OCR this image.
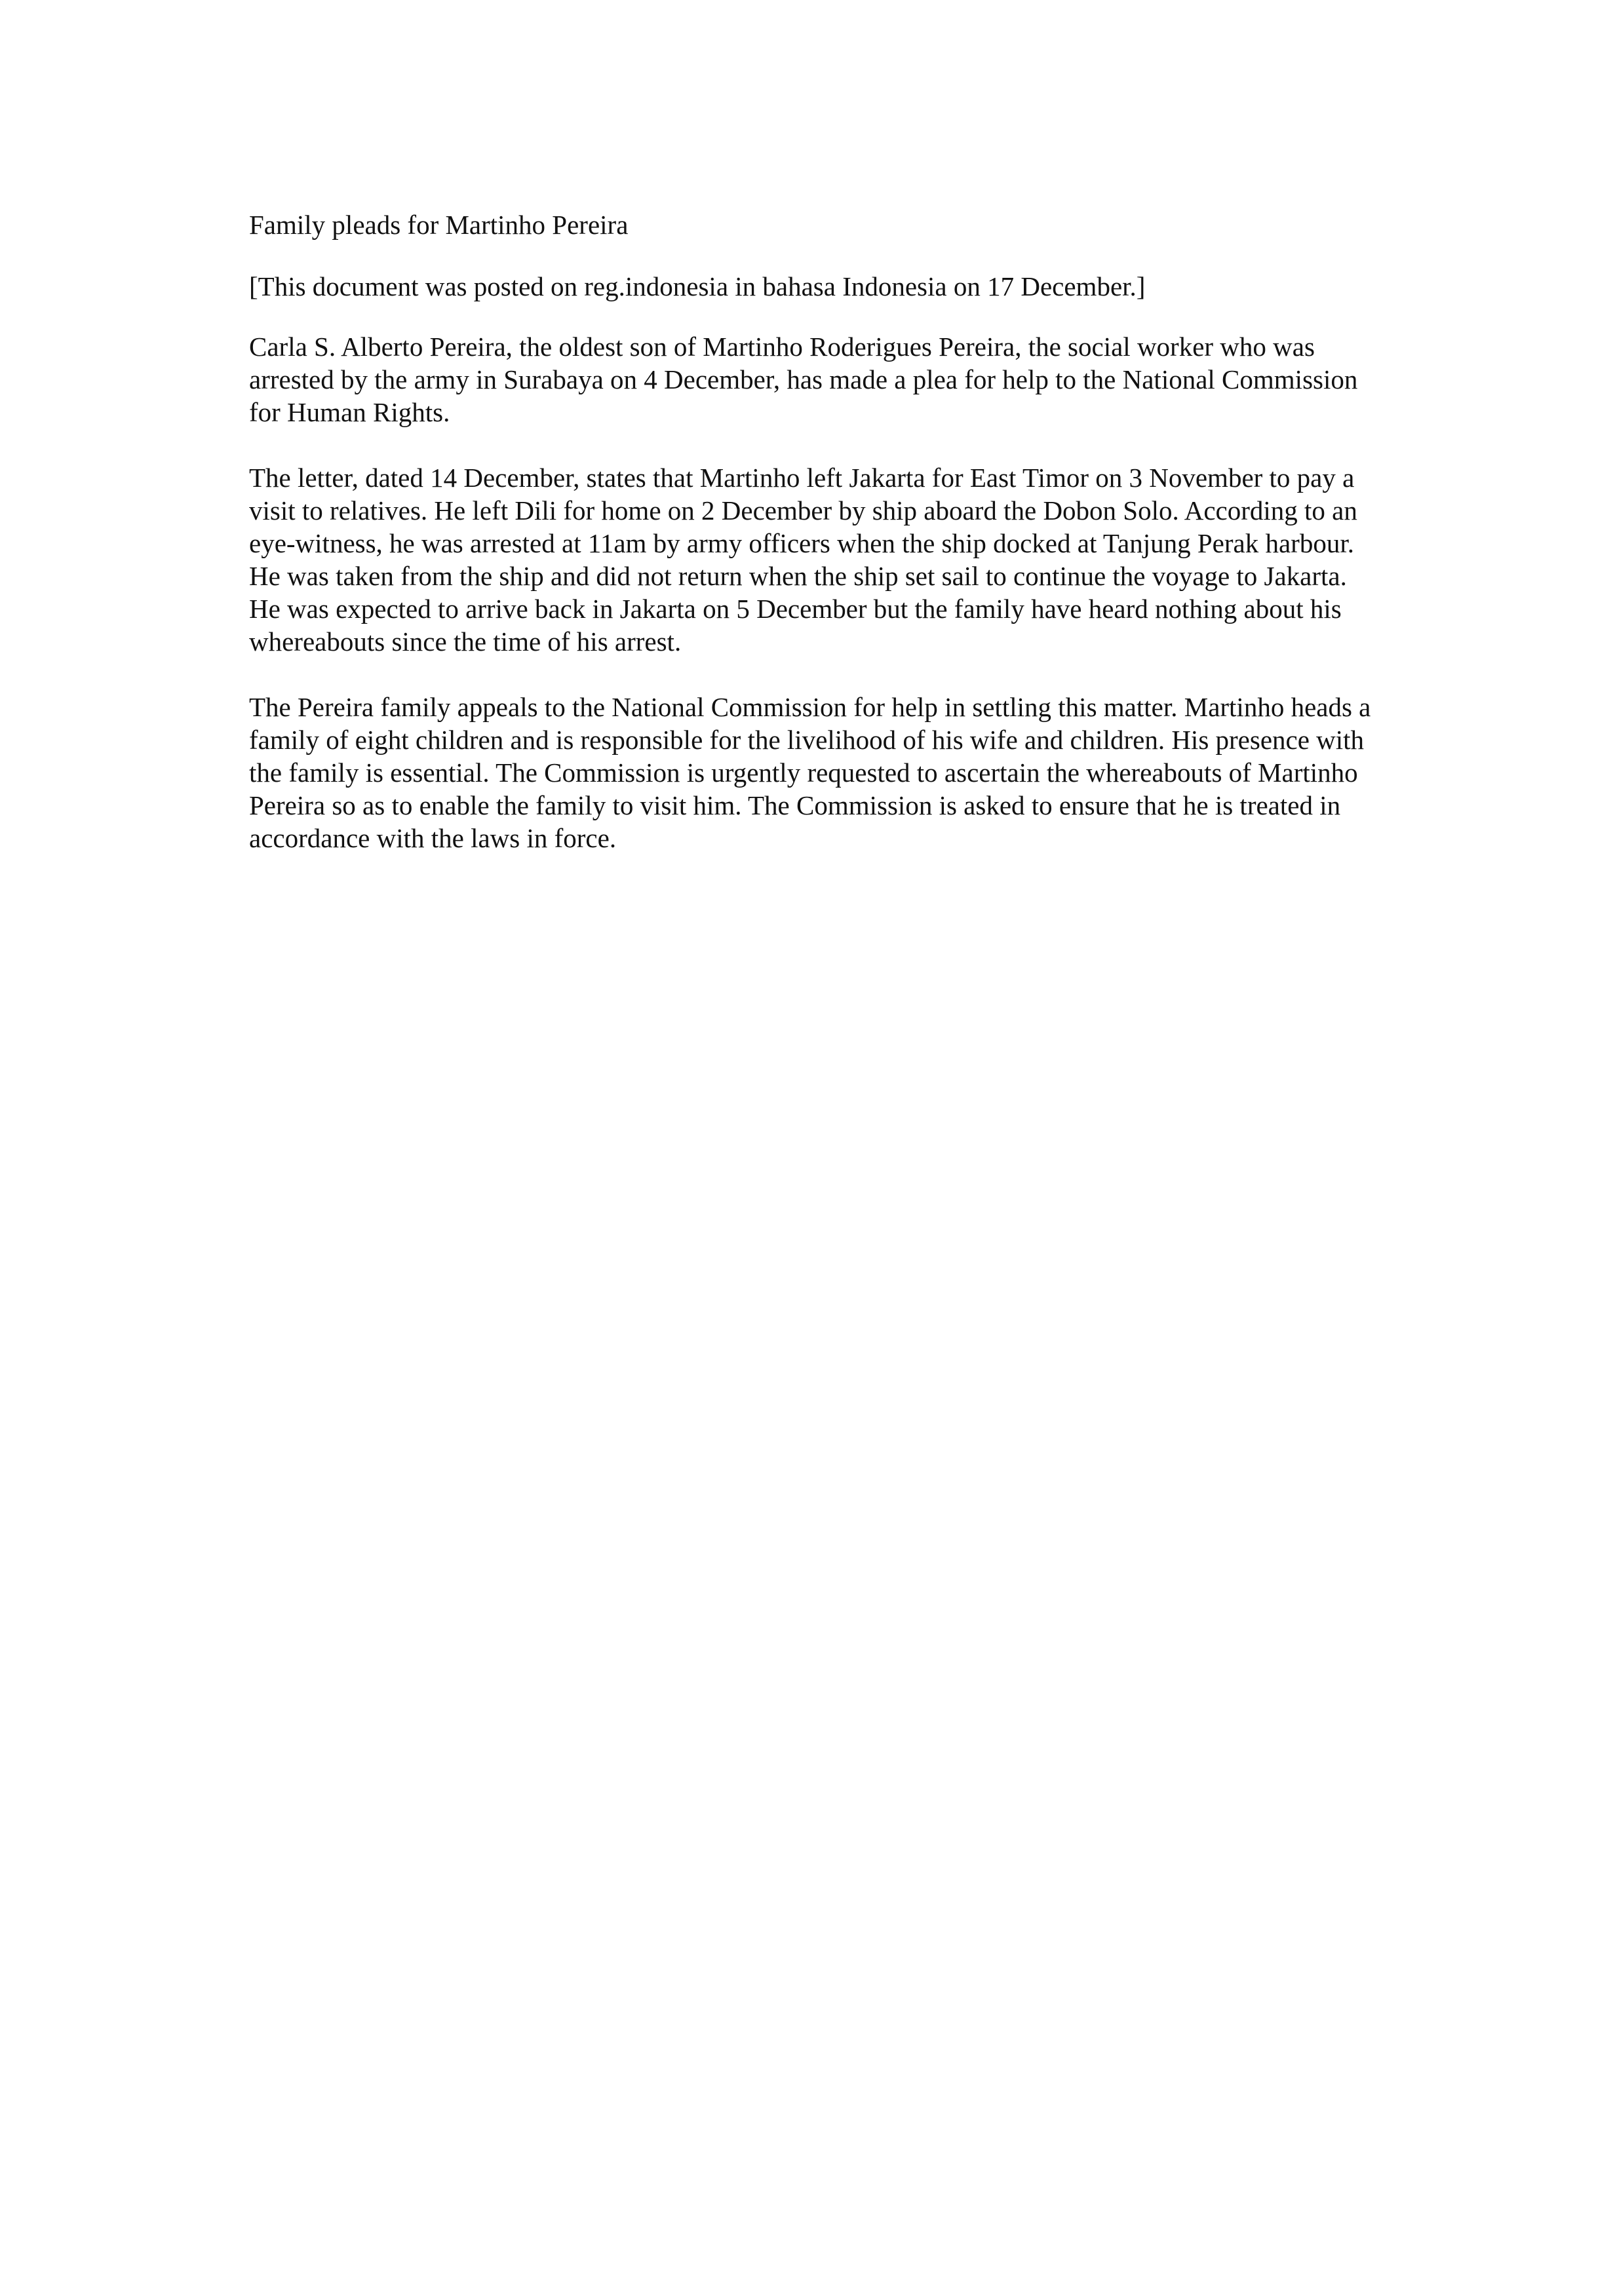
Family pleads for Martinho Pereira

[This document was posted on reg.indonesia in bahasa Indonesia on 17 December.]

Carla S. Alberto Pereira, the oldest son of Martinho Roderigues Pereira, the social worker who was arrested by the army in Surabaya on 4 December, has made a plea for help to the National Commission for Human Rights.

The letter, dated 14 December, states that Martinho left Jakarta for East Timor on 3 November to pay a visit to relatives. He left Dili for home on 2 December by ship aboard the Dobon Solo. According to an eye-witness, he was arrested at 11am by army officers when the ship docked at Tanjung Perak harbour. He was taken from the ship and did not return when the ship set sail to continue the voyage to Jakarta. He was expected to arrive back in Jakarta on 5 December but the family have heard nothing about his whereabouts since the time of his arrest.

The Pereira family appeals to the National Commission for help in settling this matter. Martinho heads a family of eight children and is responsible for the livelihood of his wife and children. His presence with the family is essential. The Commission is urgently requested to ascertain the whereabouts of Martinho Pereira so as to enable the family to visit him. The Commission is asked to ensure that he is treated in accordance with the laws in force.
